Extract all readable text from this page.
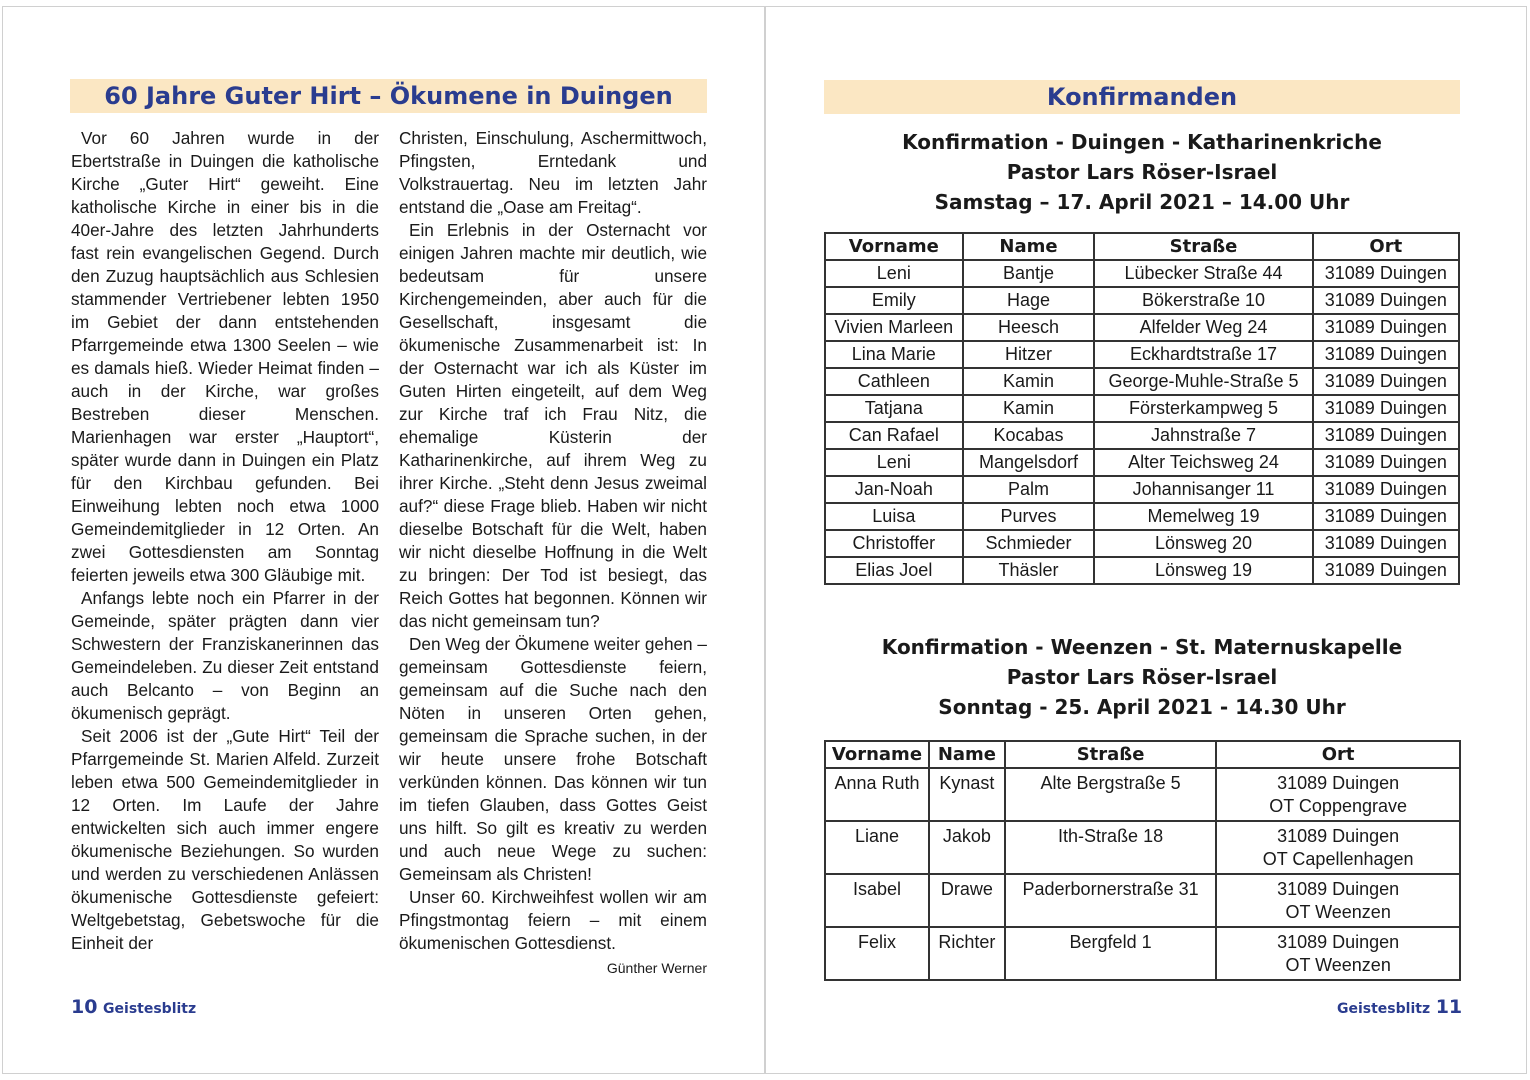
60 Jahre Guter Hirt – Ökumene in Duingen

Vor 60 Jahren wurde in der Ebertstraße in Duingen die katholische Kirche „Guter Hirt“ geweiht. Eine katholische Kirche in einer bis in die 40er-Jahre des letzten Jahrhunderts fast rein evangelischen Gegend. Durch den Zuzug hauptsächlich aus Schlesien stammender Vertriebener lebten 1950 im Gebiet der dann entstehenden Pfarrgemeinde etwa 1300 Seelen – wie es damals hieß. Wieder Heimat finden – auch in der Kirche, war großes Bestreben dieser Menschen. Marienhagen war erster „Hauptort“, später wurde dann in Duingen ein Platz für den Kirchbau gefunden. Bei Einweihung lebten noch etwa 1000 Gemeindemitglieder in 12 Orten. An zwei Gottesdiensten am Sonntag feierten jeweils etwa 300 Gläubige mit.

Anfangs lebte noch ein Pfarrer in der Gemeinde, später prägten dann vier Schwestern der Franziskanerinnen das Gemeindeleben. Zu dieser Zeit entstand auch Belcanto – von Beginn an ökumenisch geprägt.

Seit 2006 ist der „Gute Hirt“ Teil der Pfarrgemeinde St. Marien Alfeld. Zurzeit leben etwa 500 Gemeindemitglieder in 12 Orten. Im Laufe der Jahre entwickelten sich auch immer engere ökumenische Beziehungen. So wurden und werden zu verschiedenen Anlässen ökumenische Gottesdienste gefeiert: Weltgebetstag, Gebetswoche für die Einheit der

Christen, Einschulung, Aschermittwoch, Pfingsten, Erntedank und Volkstrauertag. Neu im letzten Jahr entstand die „Oase am Freitag“.

Ein Erlebnis in der Osternacht vor einigen Jahren machte mir deutlich, wie bedeutsam für unsere Kirchengemeinden, aber auch für die Gesellschaft, insgesamt die ökumenische Zusammenarbeit ist: In der Osternacht war ich als Küster im Guten Hirten eingeteilt, auf dem Weg zur Kirche traf ich Frau Nitz, die ehemalige Küsterin der Katharinenkirche, auf ihrem Weg zu ihrer Kirche. „Steht denn Jesus zweimal auf?“ diese Frage blieb. Haben wir nicht dieselbe Botschaft für die Welt, haben wir nicht dieselbe Hoffnung in die Welt zu bringen: Der Tod ist besiegt, das Reich Gottes hat begonnen. Können wir das nicht gemeinsam tun?

Den Weg der Ökumene weiter gehen – gemeinsam Gottesdienste feiern, gemeinsam auf die Suche nach den Nöten in unseren Orten gehen, gemeinsam die Sprache suchen, in der wir heute unsere frohe Botschaft verkünden können. Das können wir tun im tiefen Glauben, dass Gottes Geist uns hilft. So gilt es kreativ zu werden und auch neue Wege zu suchen: Gemeinsam als Christen!

Unser 60. Kirchweihfest wollen wir am Pfingstmontag feiern – mit einem ökumenischen Gottesdienst.

Günther Werner
10 Geistesblitz
Konfirmanden
Konfirmation - Duingen - Katharinenkriche
Pastor Lars Röser-Israel
Samstag – 17. April 2021 – 14.00 Uhr
Vorname	Name	Straße	Ort
Leni	Bantje	Lübecker Straße 44	31089 Duingen
Emily	Hage	Bökerstraße 10	31089 Duingen
Vivien Marleen	Heesch	Alfelder Weg 24	31089 Duingen
Lina Marie	Hitzer	Eckhardtstraße 17	31089 Duingen
Cathleen	Kamin	George-Muhle-Straße 5	31089 Duingen
Tatjana	Kamin	Försterkampweg 5	31089 Duingen
Can Rafael	Kocabas	Jahnstraße 7	31089 Duingen
Leni	Mangelsdorf	Alter Teichsweg 24	31089 Duingen
Jan-Noah	Palm	Johannisanger 11	31089 Duingen
Luisa	Purves	Memelweg 19	31089 Duingen
Christoffer	Schmieder	Lönsweg 20	31089 Duingen
Elias Joel	Thäsler	Lönsweg 19	31089 Duingen
Konfirmation - Weenzen - St. Maternuskapelle
Pastor Lars Röser-Israel
Sonntag - 25. April 2021 - 14.30 Uhr
Vorname	Name	Straße	Ort
Anna Ruth	Kynast	Alte Bergstraße 5	31089 Duingen
OT Coppengrave

Liane	Jakob	Ith-Straße 18	31089 Duingen
OT Capellenhagen

Isabel	Drawe	Paderbornerstraße 31	31089 Duingen
OT Weenzen

Felix	Richter	Bergfeld 1	31089 Duingen
OT Weenzen
Geistesblitz 11
